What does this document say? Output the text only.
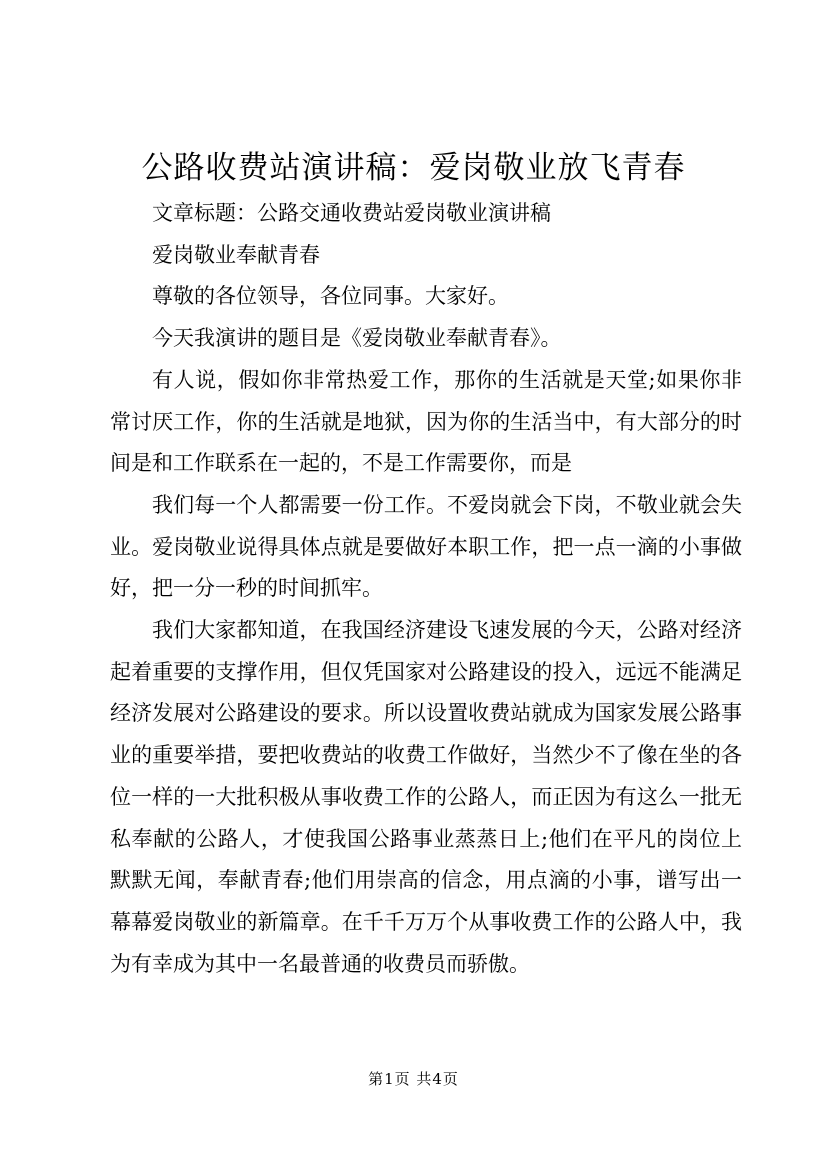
公路收费站演讲稿：爱岗敬业放飞青春

文章标题：公路交通收费站爱岗敬业演讲稿

爱岗敬业奉献青春

尊敬的各位领导，各位同事。大家好。

今天我演讲的题目是《爱岗敬业奉献青春》。

有人说，假如你非常热爱工作，那你的生活就是天堂;如果你非常讨厌工作，你的生活就是地狱，因为你的生活当中，有大部分的时间是和工作联系在一起的，不是工作需要你，而是

我们每一个人都需要一份工作。不爱岗就会下岗，不敬业就会失业。爱岗敬业说得具体点就是要做好本职工作，把一点一滴的小事做好，把一分一秒的时间抓牢。

我们大家都知道，在我国经济建设飞速发展的今天，公路对经济起着重要的支撑作用，但仅凭国家对公路建设的投入，远远不能满足经济发展对公路建设的要求。所以设置收费站就成为国家发展公路事业的重要举措，要把收费站的收费工作做好，当然少不了像在坐的各位一样的一大批积极从事收费工作的公路人，而正因为有这么一批无私奉献的公路人，才使我国公路事业蒸蒸日上;他们在平凡的岗位上默默无闻，奉献青春;他们用崇高的信念，用点滴的小事，谱写出一幕幕爱岗敬业的新篇章。在千千万万个从事收费工作的公路人中，我为有幸成为其中一名最普通的收费员而骄傲。

第1页 共4页
